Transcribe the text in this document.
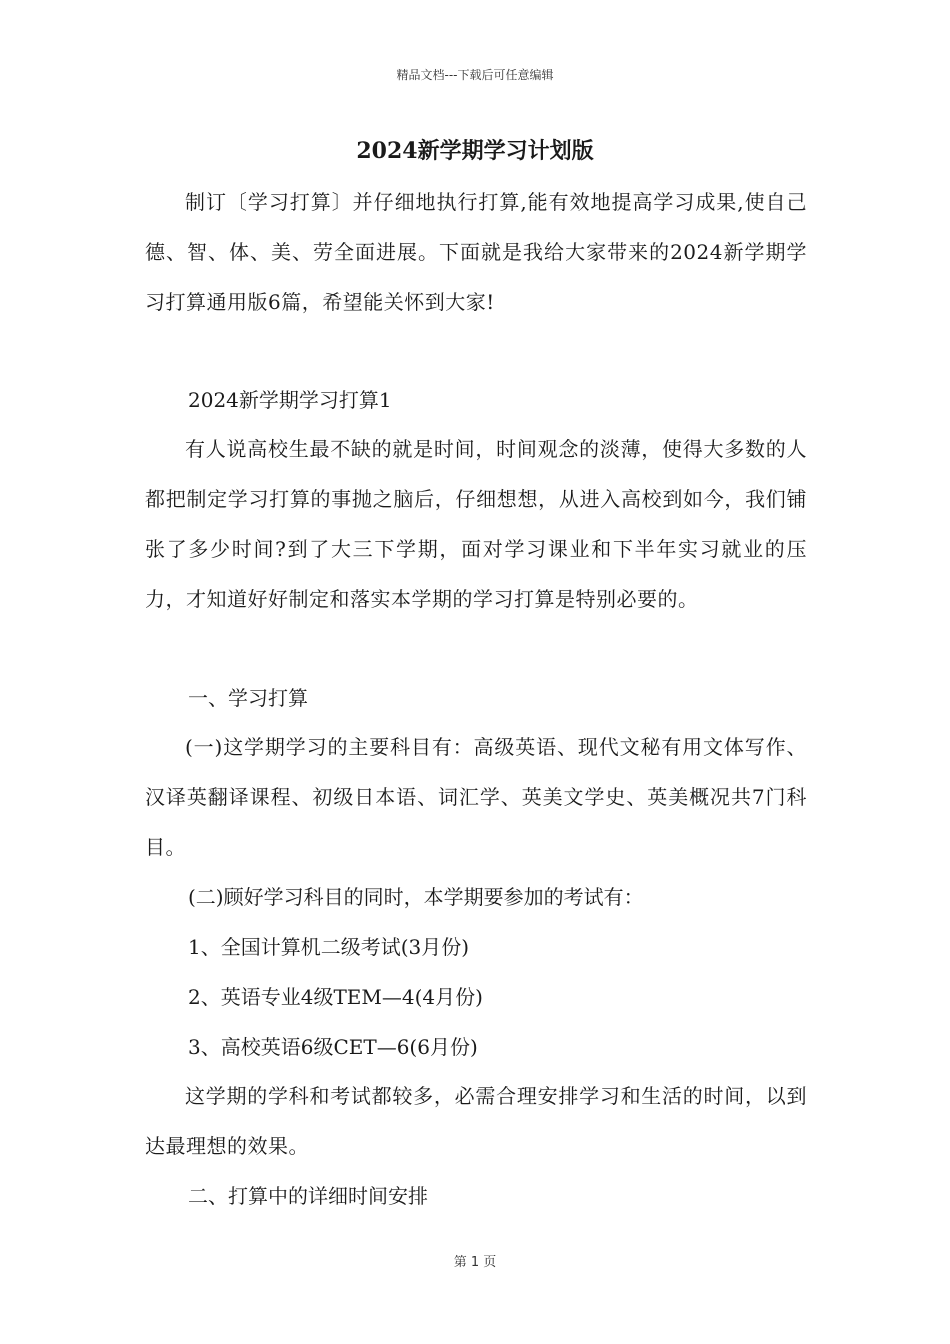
精品文档---下载后可任意编辑
2024新学期学习计划版

制订〔学习打算〕并仔细地执行打算,能有效地提高学习成果,使自己德、智、体、美、劳全面进展。下面就是我给大家带来的2024新学期学习打算通用版6篇，希望能关怀到大家!

2024新学期学习打算1

有人说高校生最不缺的就是时间，时间观念的淡薄，使得大多数的人都把制定学习打算的事抛之脑后，仔细想想，从进入高校到如今，我们铺张了多少时间?到了大三下学期，面对学习课业和下半年实习就业的压力，才知道好好制定和落实本学期的学习打算是特别必要的。

一、学习打算

(一)这学期学习的主要科目有：高级英语、现代文秘有用文体写作、汉译英翻译课程、初级日本语、词汇学、英美文学史、英美概况共7门科目。

(二)顾好学习科目的同时，本学期要参加的考试有：

1、全国计算机二级考试(3月份)

2、英语专业4级TEM—4(4月份)

3、高校英语6级CET—6(6月份)

这学期的学科和考试都较多，必需合理安排学习和生活的时间，以到达最理想的效果。

二、打算中的详细时间安排

第 1 页
